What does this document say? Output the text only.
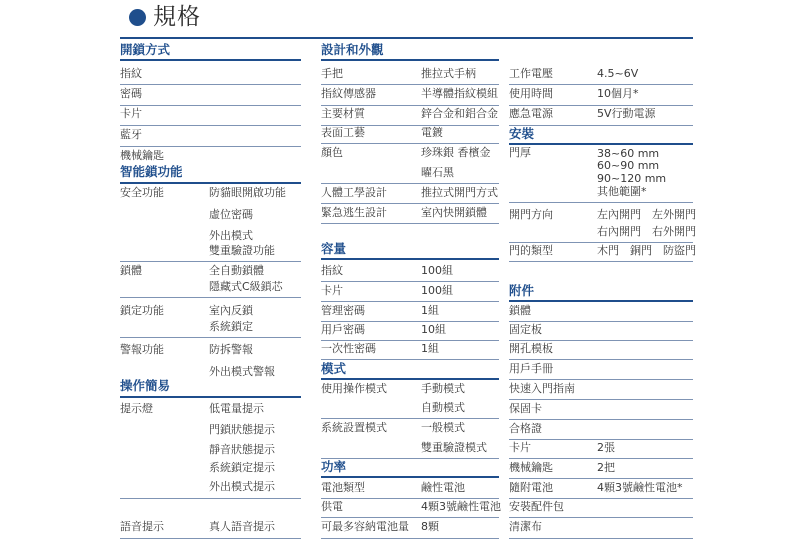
規格
開鎖方式
指紋
密碼
卡片
藍牙
機械鑰匙
智能鎖功能
安全功能	防貓眼開啟功能
虛位密碼
外出模式
雙重驗證功能
鎖體	全自動鎖體
隱藏式C級鎖芯
鎖定功能	室內反鎖
系統鎖定
警報功能	防拆警報
外出模式警報
操作簡易
提示燈	低電量提示
門鎖狀態提示
靜音狀態提示
系統鎖定提示
外出模式提示
語音提示	真人語音提示
設計和外觀
手把	推拉式手柄
指紋傳感器	半導體指紋模組
主要材質	鋅合金和鋁合金
表面工藝	電鍍
顏色	珍珠銀 香檳金
曜石黑
人體工學設計	推拉式開門方式
緊急逃生設計	室內快開鎖體
容量
指紋	100組
卡片	100組
管理密碼	1組
用戶密碼	10組
一次性密碼	1組
模式
使用操作模式	手動模式
自動模式
系統設置模式	一般模式
雙重驗證模式
功率
電池類型	鹼性電池
供電	4顆3號鹼性電池
可最多容納電池量 8顆
工作電壓	4.5~6V
使用時間	10個月*
應急電源	5V行動電源
安裝
門厚	38~60 mm
60~90 mm
90~120 mm
其他範圍*
開門方向	左內開門　左外開門
右內開門　右外開門
門的類型	木門　銅門　防盜門
附件
鎖體
固定板
開孔模板
用戶手冊
快速入門指南
保固卡
合格證
卡片	2張
機械鑰匙	2把
隨附電池	4顆3號鹼性電池*
安裝配件包
清潔布
